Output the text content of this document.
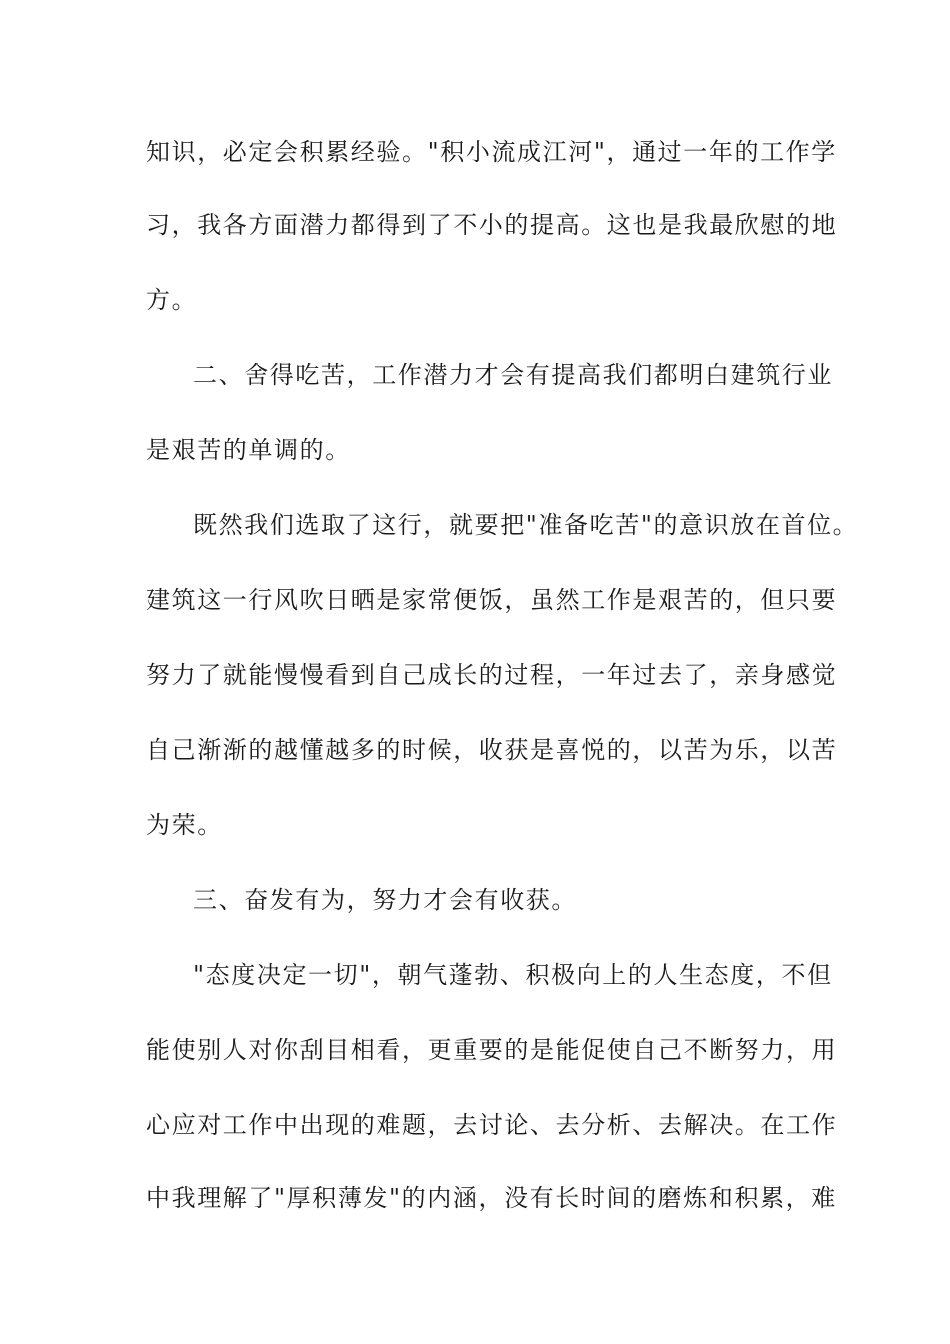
知识，必定会积累经验。"积小流成江河"，通过一年的工作学
习，我各方面潜力都得到了不小的提高。这也是我最欣慰的地
方。
二、舍得吃苦，工作潜力才会有提高我们都明白建筑行业
是艰苦的单调的。
既然我们选取了这行，就要把"准备吃苦"的意识放在首位。
建筑这一行风吹日晒是家常便饭，虽然工作是艰苦的，但只要
努力了就能慢慢看到自己成长的过程，一年过去了，亲身感觉
自己渐渐的越懂越多的时候，收获是喜悦的，以苦为乐，以苦
为荣。
三、奋发有为，努力才会有收获。
"态度决定一切"，朝气蓬勃、积极向上的人生态度，不但
能使别人对你刮目相看，更重要的是能促使自己不断努力，用
心应对工作中出现的难题，去讨论、去分析、去解决。在工作
中我理解了"厚积薄发"的内涵，没有长时间的磨炼和积累，难
